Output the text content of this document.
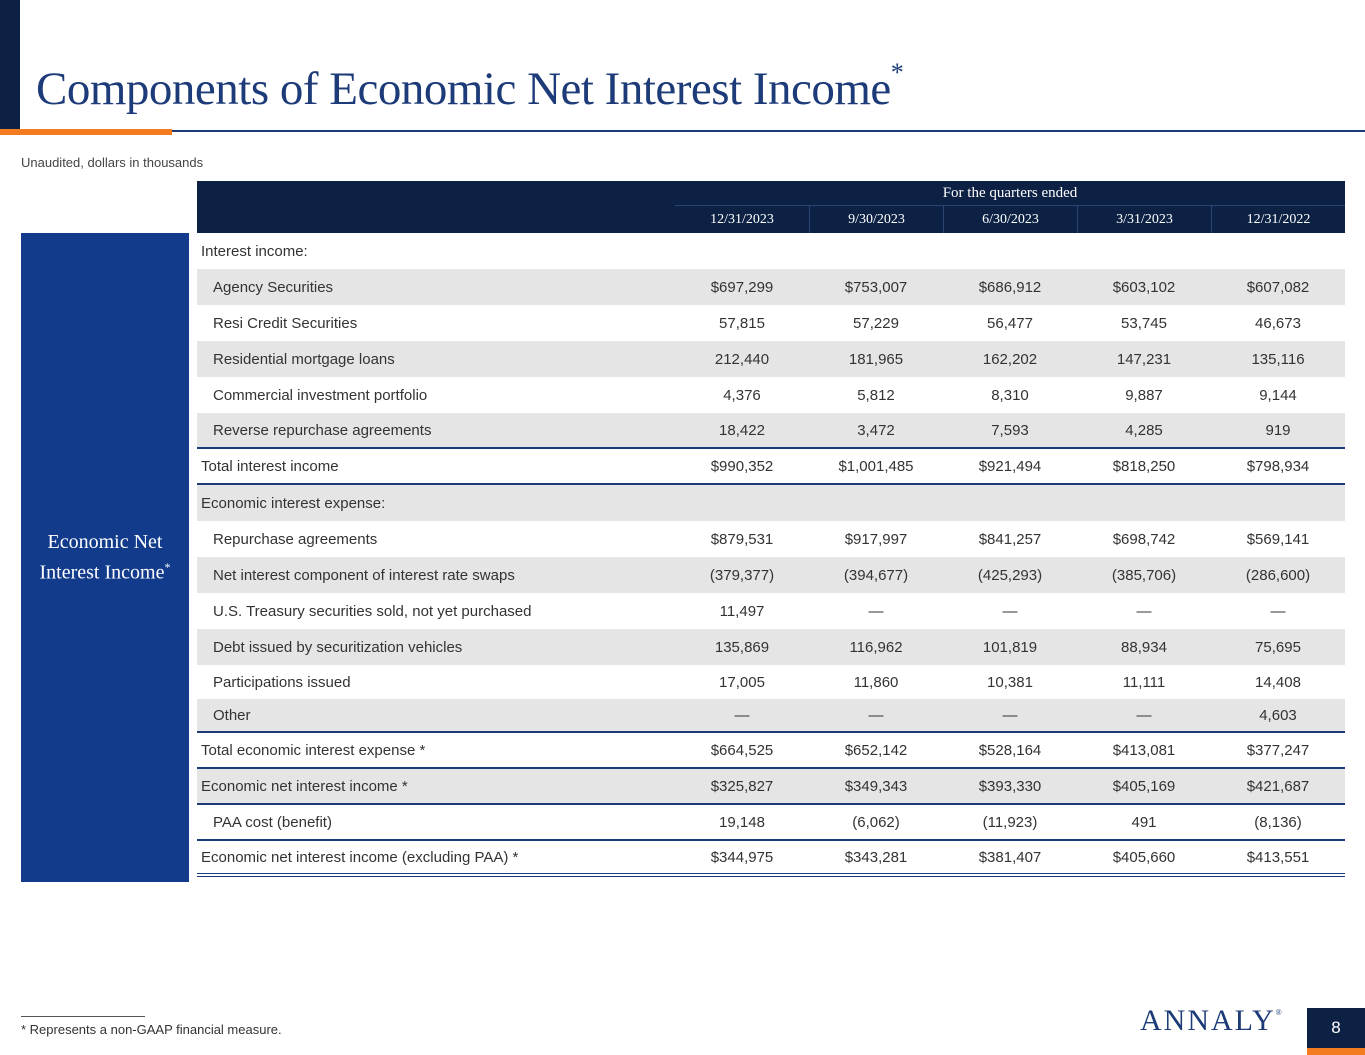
Components of Economic Net Interest Income*
Unaudited, dollars in thousands
Economic Net
Interest Income*
For the quarters ended
12/31/2023	9/30/2023	6/30/2023	3/31/2023	12/31/2022
Interest income:
Agency Securities	$697,299	$753,007	$686,912	$603,102	$607,082
Resi Credit Securities	57,815	57,229	56,477	53,745	46,673
Residential mortgage loans	212,440	181,965	162,202	147,231	135,116
Commercial investment portfolio	4,376	5,812	8,310	9,887	9,144
Reverse repurchase agreements	18,422	3,472	7,593	4,285	919
Total interest income	$990,352	$1,001,485	$921,494	$818,250	$798,934
Economic interest expense:
Repurchase agreements	$879,531	$917,997	$841,257	$698,742	$569,141
Net interest component of interest rate swaps	(379,377)	(394,677)	(425,293)	(385,706)	(286,600)
U.S. Treasury securities sold, not yet purchased	11,497	—	—	—	—
Debt issued by securitization vehicles	135,869	116,962	101,819	88,934	75,695
Participations issued	17,005	11,860	10,381	11,111	14,408
Other	—	—	—	—	4,603
Total economic interest expense *	$664,525	$652,142	$528,164	$413,081	$377,247
Economic net interest income *	$325,827	$349,343	$393,330	$405,169	$421,687
PAA cost (benefit)	19,148	(6,062)	(11,923)	491	(8,136)
Economic net interest income (excluding PAA) *	$344,975	$343,281	$381,407	$405,660	$413,551
* Represents a non-GAAP financial measure.	ANNALY®
8
